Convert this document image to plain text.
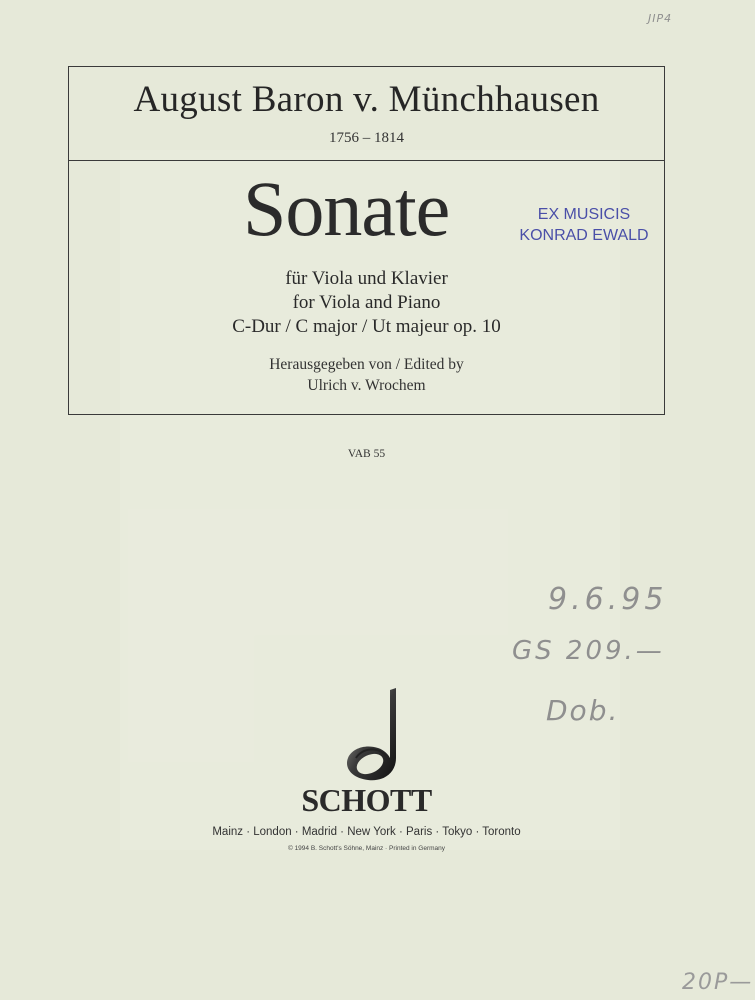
August Baron v. Münchhausen
1756 – 1814
Sonate	EX MUSICIS
KONRAD EWALD
für Viola und Klavier
for Viola and Piano
C-Dur / C major / Ut majeur op. 10
Herausgegeben von / Edited by
Ulrich v. Wrochem
VAB 55
JIP4
9.6.95
GS 209.—
Dob.
20P—
SCHOTT
Mainz · London · Madrid · New York · Paris · Tokyo · Toronto
© 1994 B. Schott's Söhne, Mainz · Printed in Germany
